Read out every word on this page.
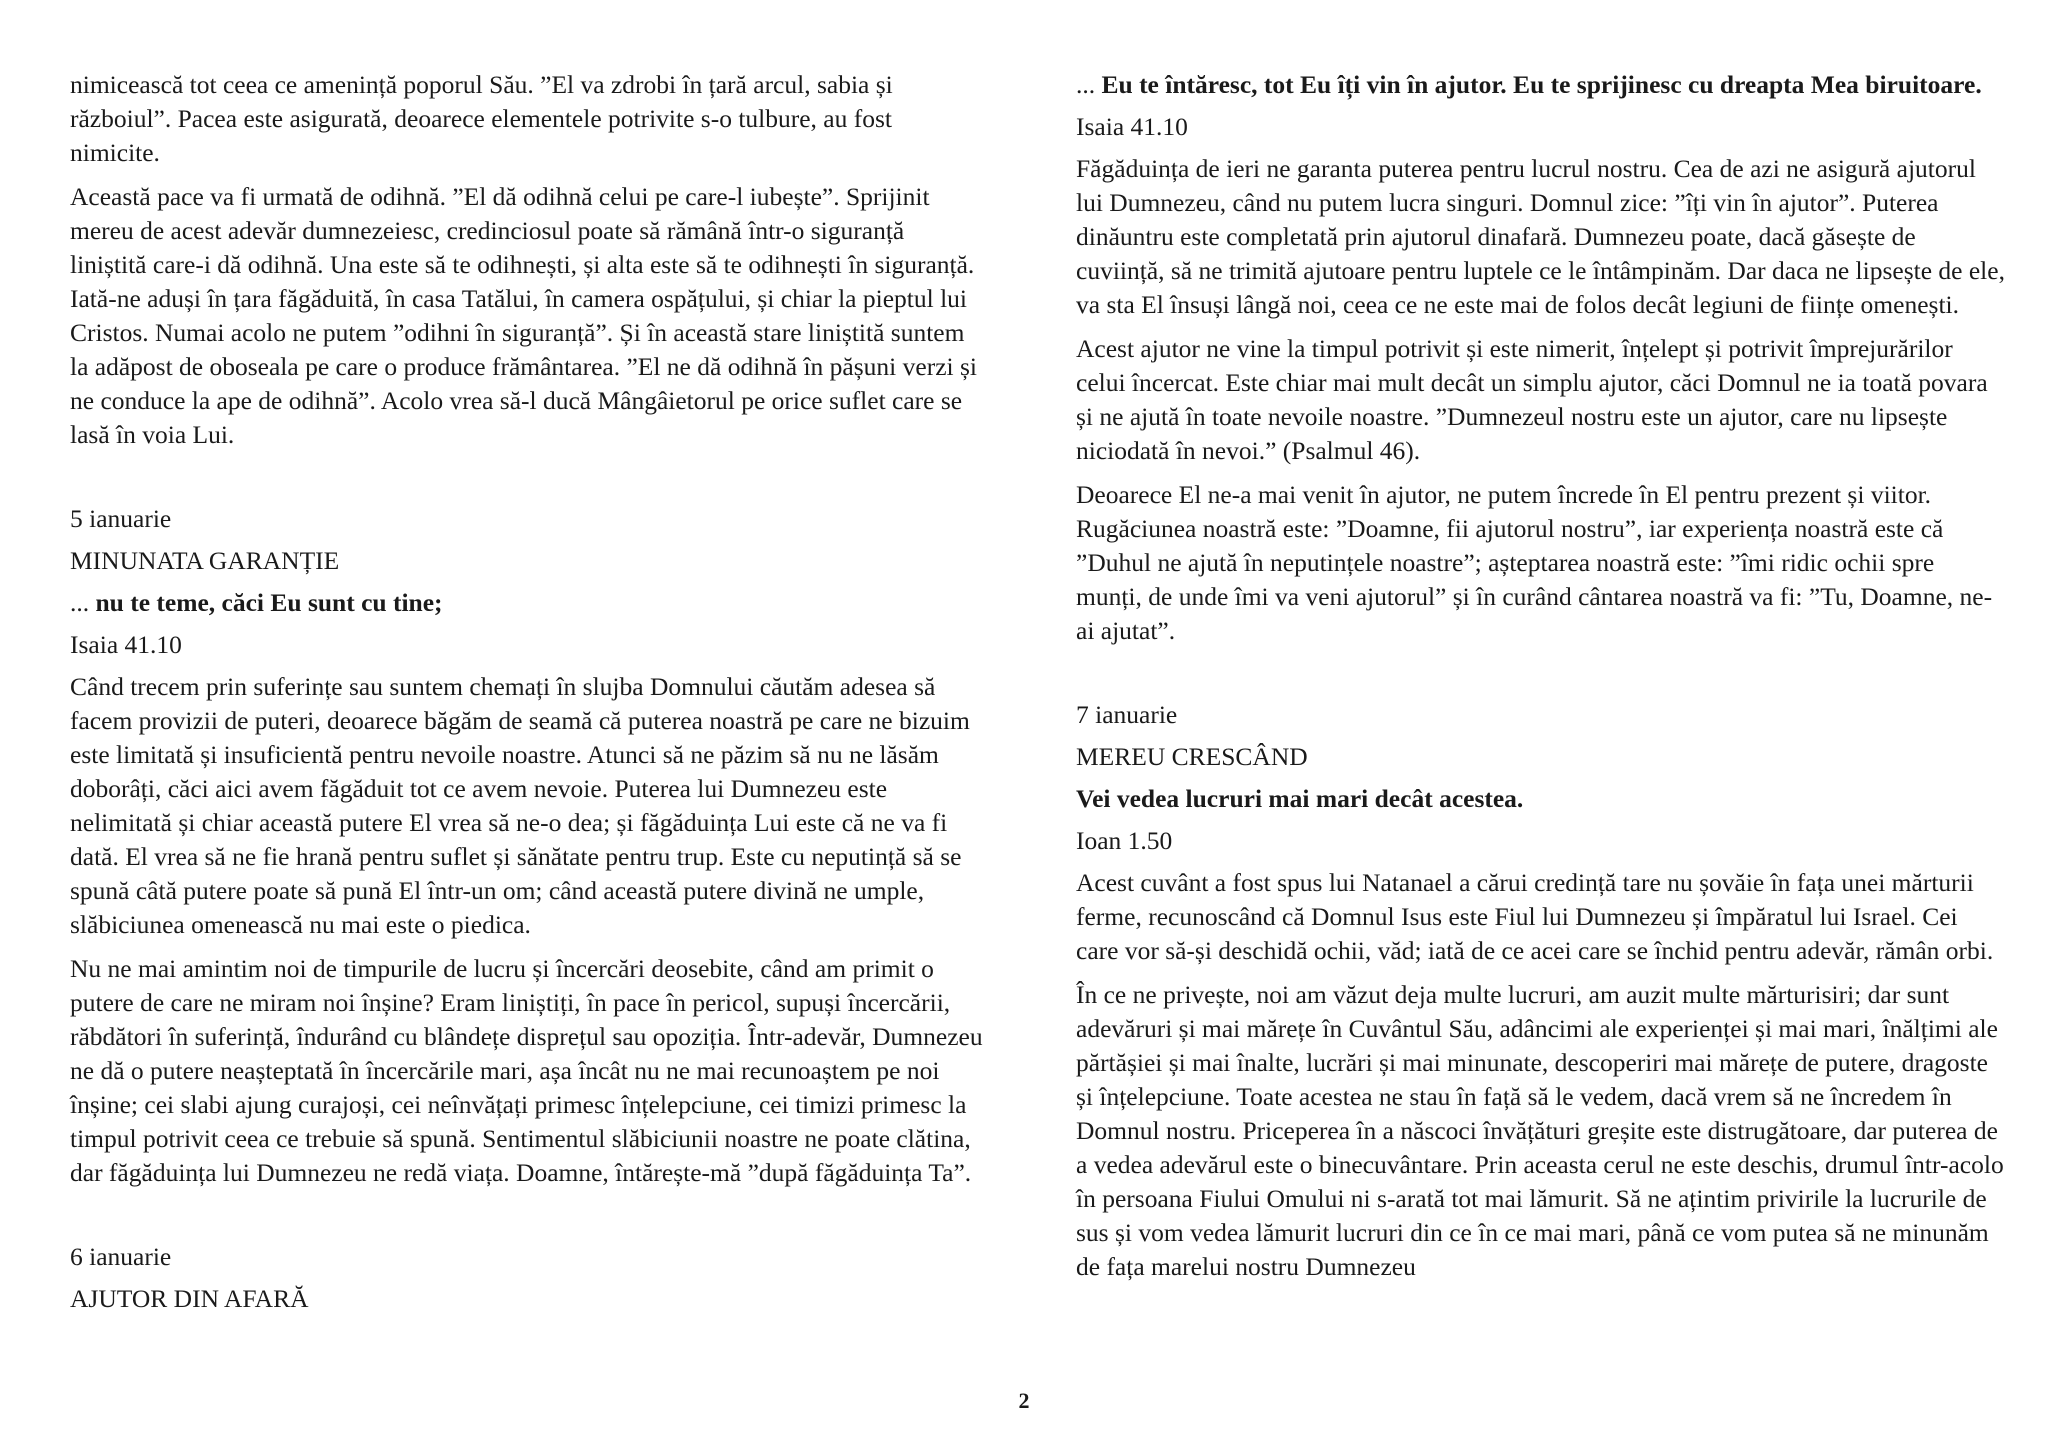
nimicească tot ceea ce amenință poporul Său. ”El va zdrobi în țară arcul, sabia și războiul”. Pacea este asigurată, deoarece elementele potrivite s-o tulbure, au fost nimicite.

Această pace va fi urmată de odihnă. ”El dă odihnă celui pe care-l iubește”. Sprijinit mereu de acest adevăr dumnezeiesc, credinciosul poate să rămână într-o siguranță liniștită care-i dă odihnă. Una este să te odihnești, și alta este să te odihnești în siguranță. Iată-ne aduși în țara făgăduită, în casa Tatălui, în camera ospățului, și chiar la pieptul lui Cristos. Numai acolo ne putem ”odihni în siguranță”. Și în această stare liniștită suntem la adăpost de oboseala pe care o produce frământarea. ”El ne dă odihnă în pășuni verzi și ne conduce la ape de odihnă”. Acolo vrea să-l ducă Mângâietorul pe orice suflet care se lasă în voia Lui.

5 ianuarie
MINUNATA GARANȚIE
... nu te teme, căci Eu sunt cu tine;
Isaia 41.10

Când trecem prin suferințe sau suntem chemați în slujba Domnului căutăm adesea să facem provizii de puteri, deoarece băgăm de seamă că puterea noastră pe care ne bizuim este limitată și insuficientă pentru nevoile noastre. Atunci să ne păzim să nu ne lăsăm doborâți, căci aici avem făgăduit tot ce avem nevoie. Puterea lui Dumnezeu este nelimitată și chiar această putere El vrea să ne-o dea; și făgăduința Lui este că ne va fi dată. El vrea să ne fie hrană pentru suflet și sănătate pentru trup. Este cu neputință să se spună câtă putere poate să pună El într-un om; când această putere divină ne umple, slăbiciunea omenească nu mai este o piedica.

Nu ne mai amintim noi de timpurile de lucru și încercări deosebite, când am primit o putere de care ne miram noi înșine? Eram liniștiți, în pace în pericol, supuși încercării, răbdători în suferință, îndurând cu blândețe disprețul sau opoziția. Într-adevăr, Dumnezeu ne dă o putere neașteptată în încercările mari, așa încât nu ne mai recunoaștem pe noi înșine; cei slabi ajung curajoși, cei neînvățați primesc înțelepciune, cei timizi primesc la timpul potrivit ceea ce trebuie să spună. Sentimentul slăbiciunii noastre ne poate clătina, dar făgăduința lui Dumnezeu ne redă viața. Doamne, întărește-mă ”după făgăduința Ta”.

6 ianuarie
AJUTOR DIN AFARĂ
... Eu te întăresc, tot Eu îți vin în ajutor. Eu te sprijinesc cu dreapta Mea biruitoare.
Isaia 41.10

Făgăduința de ieri ne garanta puterea pentru lucrul nostru. Cea de azi ne asigură ajutorul lui Dumnezeu, când nu putem lucra singuri. Domnul zice: ”îți vin în ajutor”. Puterea dinăuntru este completată prin ajutorul dinafară. Dumnezeu poate, dacă găsește de cuviință, să ne trimită ajutoare pentru luptele ce le întâmpinăm. Dar daca ne lipsește de ele, va sta El însuși lângă noi, ceea ce ne este mai de folos decât legiuni de ființe omenești.

Acest ajutor ne vine la timpul potrivit și este nimerit, înțelept și potrivit împrejurărilor celui încercat. Este chiar mai mult decât un simplu ajutor, căci Domnul ne ia toată povara și ne ajută în toate nevoile noastre. ”Dumnezeul nostru este un ajutor, care nu lipsește niciodată în nevoi.” (Psalmul 46).

Deoarece El ne-a mai venit în ajutor, ne putem încrede în El pentru prezent și viitor. Rugăciunea noastră este: ”Doamne, fii ajutorul nostru”, iar experiența noastră este că ”Duhul ne ajută în neputințele noastre”; așteptarea noastră este: ”îmi ridic ochii spre munți, de unde îmi va veni ajutorul” și în curând cântarea noastră va fi: ”Tu, Doamne, ne-ai ajutat”.

7 ianuarie
MEREU CRESCÂND
Vei vedea lucruri mai mari decât acestea.
Ioan 1.50

Acest cuvânt a fost spus lui Natanael a cărui credință tare nu șovăie în fața unei mărturii ferme, recunoscând că Domnul Isus este Fiul lui Dumnezeu și împăratul lui Israel. Cei care vor să-și deschidă ochii, văd; iată de ce acei care se închid pentru adevăr, rămân orbi.

În ce ne privește, noi am văzut deja multe lucruri, am auzit multe mărturisiri; dar sunt adevăruri și mai mărețe în Cuvântul Său, adâncimi ale experienței și mai mari, înălțimi ale părtășiei și mai înalte, lucrări și mai minunate, descoperiri mai mărețe de putere, dragoste și înțelepciune. Toate acestea ne stau în față să le vedem, dacă vrem să ne încredem în Domnul nostru. Priceperea în a născoci învățături greșite este distrugătoare, dar puterea de a vedea adevărul este o binecuvântare. Prin aceasta cerul ne este deschis, drumul într-acolo în persoana Fiului Omului ni s-arată tot mai lămurit. Să ne ațintim privirile la lucrurile de sus și vom vedea lămurit lucruri din ce în ce mai mari, până ce vom putea să ne minunăm de fața marelui nostru Dumnezeu

2
